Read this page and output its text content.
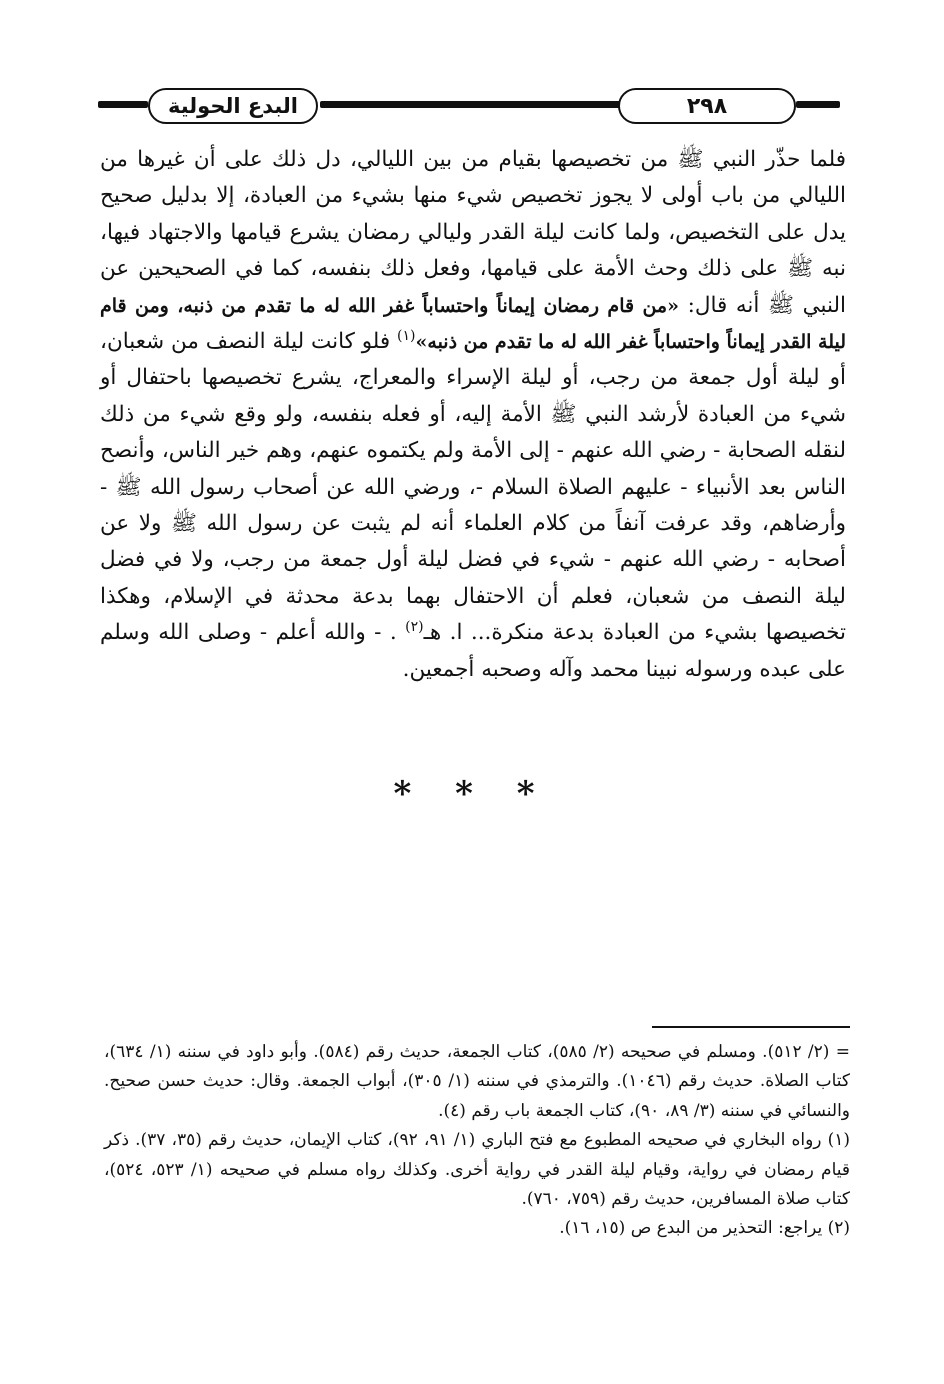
٢٩٨
البدع الحولية

فلما حذّر النبي ﷺ من تخصيصها بقيام من بين الليالي، دل ذلك على أن غيرها من الليالي من باب أولى لا يجوز تخصيص شيء منها بشيء من العبادة، إلا بدليل صحيح يدل على التخصيص، ولما كانت ليلة القدر وليالي رمضان يشرع قيامها والاجتهاد فيها، نبه ﷺ على ذلك وحث الأمة على قيامها، وفعل ذلك بنفسه، كما في الصحيحين عن النبي ﷺ أنه قال: «من قام رمضان إيماناً واحتساباً غفر الله له ما تقدم من ذنبه، ومن قام ليلة القدر إيماناً واحتساباً غفر الله له ما تقدم من ذنبه»$^{(١)}$ فلو كانت ليلة النصف من شعبان، أو ليلة أول جمعة من رجب، أو ليلة الإسراء والمعراج، يشرع تخصيصها باحتفال أو شيء من العبادة لأرشد النبي ﷺ الأمة إليه، أو فعله بنفسه، ولو وقع شيء من ذلك لنقله الصحابة - رضي الله عنهم - إلى الأمة ولم يكتموه عنهم، وهم خير الناس، وأنصح الناس بعد الأنبياء - عليهم الصلاة السلام -، ورضي الله عن أصحاب رسول الله ﷺ - وأرضاهم، وقد عرفت آنفاً من كلام العلماء أنه لم يثبت عن رسول الله ﷺ ولا عن أصحابه - رضي الله عنهم - شيء في فضل ليلة أول جمعة من رجب، ولا في فضل ليلة النصف من شعبان، فعلم أن الاحتفال بهما بدعة محدثة في الإسلام، وهكذا تخصيصها بشيء من العبادة بدعة منكرة... ا. هـ$^{(٢)}$ . - والله أعلم - وصلى الله وسلم على عبده ورسوله نبينا محمد وآله وصحبه أجمعين.

* * *

= (٢/ ٥١٢). ومسلم في صحيحه (٢/ ٥٨٥)، كتاب الجمعة، حديث رقم (٥٨٤). وأبو داود في سننه (١/ ٦٣٤)، كتاب الصلاة. حديث رقم (١٠٤٦). والترمذي في سننه (١/ ٣٠٥)، أبواب الجمعة. وقال: حديث حسن صحيح. والنسائي في سننه (٣/ ٨٩، ٩٠)، كتاب الجمعة باب رقم (٤).

(١) رواه البخاري في صحيحه المطبوع مع فتح الباري (١/ ٩١، ٩٢)، كتاب الإيمان، حديث رقم (٣٥، ٣٧). ذكر قيام رمضان في رواية، وقيام ليلة القدر في رواية أخرى. وكذلك رواه مسلم في صحيحه (١/ ٥٢٣، ٥٢٤)، كتاب صلاة المسافرين، حديث رقم (٧٥٩، ٧٦٠).

(٢) يراجع: التحذير من البدع ص (١٥، ١٦).
